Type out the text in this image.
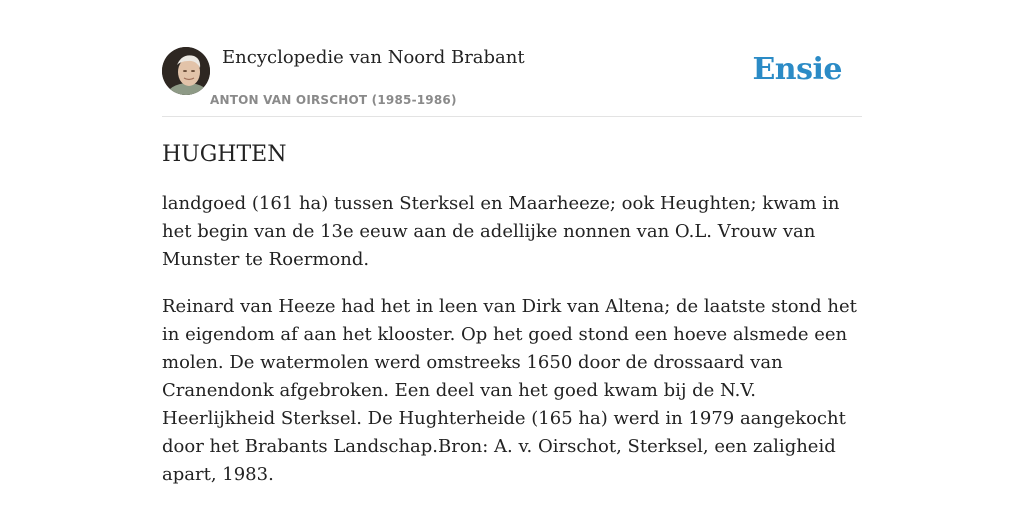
Encyclopedie van Noord Brabant
ANTON VAN OIRSCHOT (1985-1986)
Ensie
HUGHTEN

landgoed (161 ha) tussen Sterksel en Maarheeze; ook Heughten; kwam in het begin van de 13e eeuw aan de adellijke nonnen van O.L. Vrouw van Munster te Roermond.

Reinard van Heeze had het in leen van Dirk van Altena; de laatste stond het in eigendom af aan het klooster. Op het goed stond een hoeve alsmede een molen. De watermolen werd omstreeks 1650 door de drossaard van Cranendonk afgebroken. Een deel van het goed kwam bij de N.V. Heerlijkheid Sterksel. De Hughterheide (165 ha) werd in 1979 aangekocht door het Brabants Landschap.Bron: A. v. Oirschot, Sterksel, een zaligheid apart, 1983.
